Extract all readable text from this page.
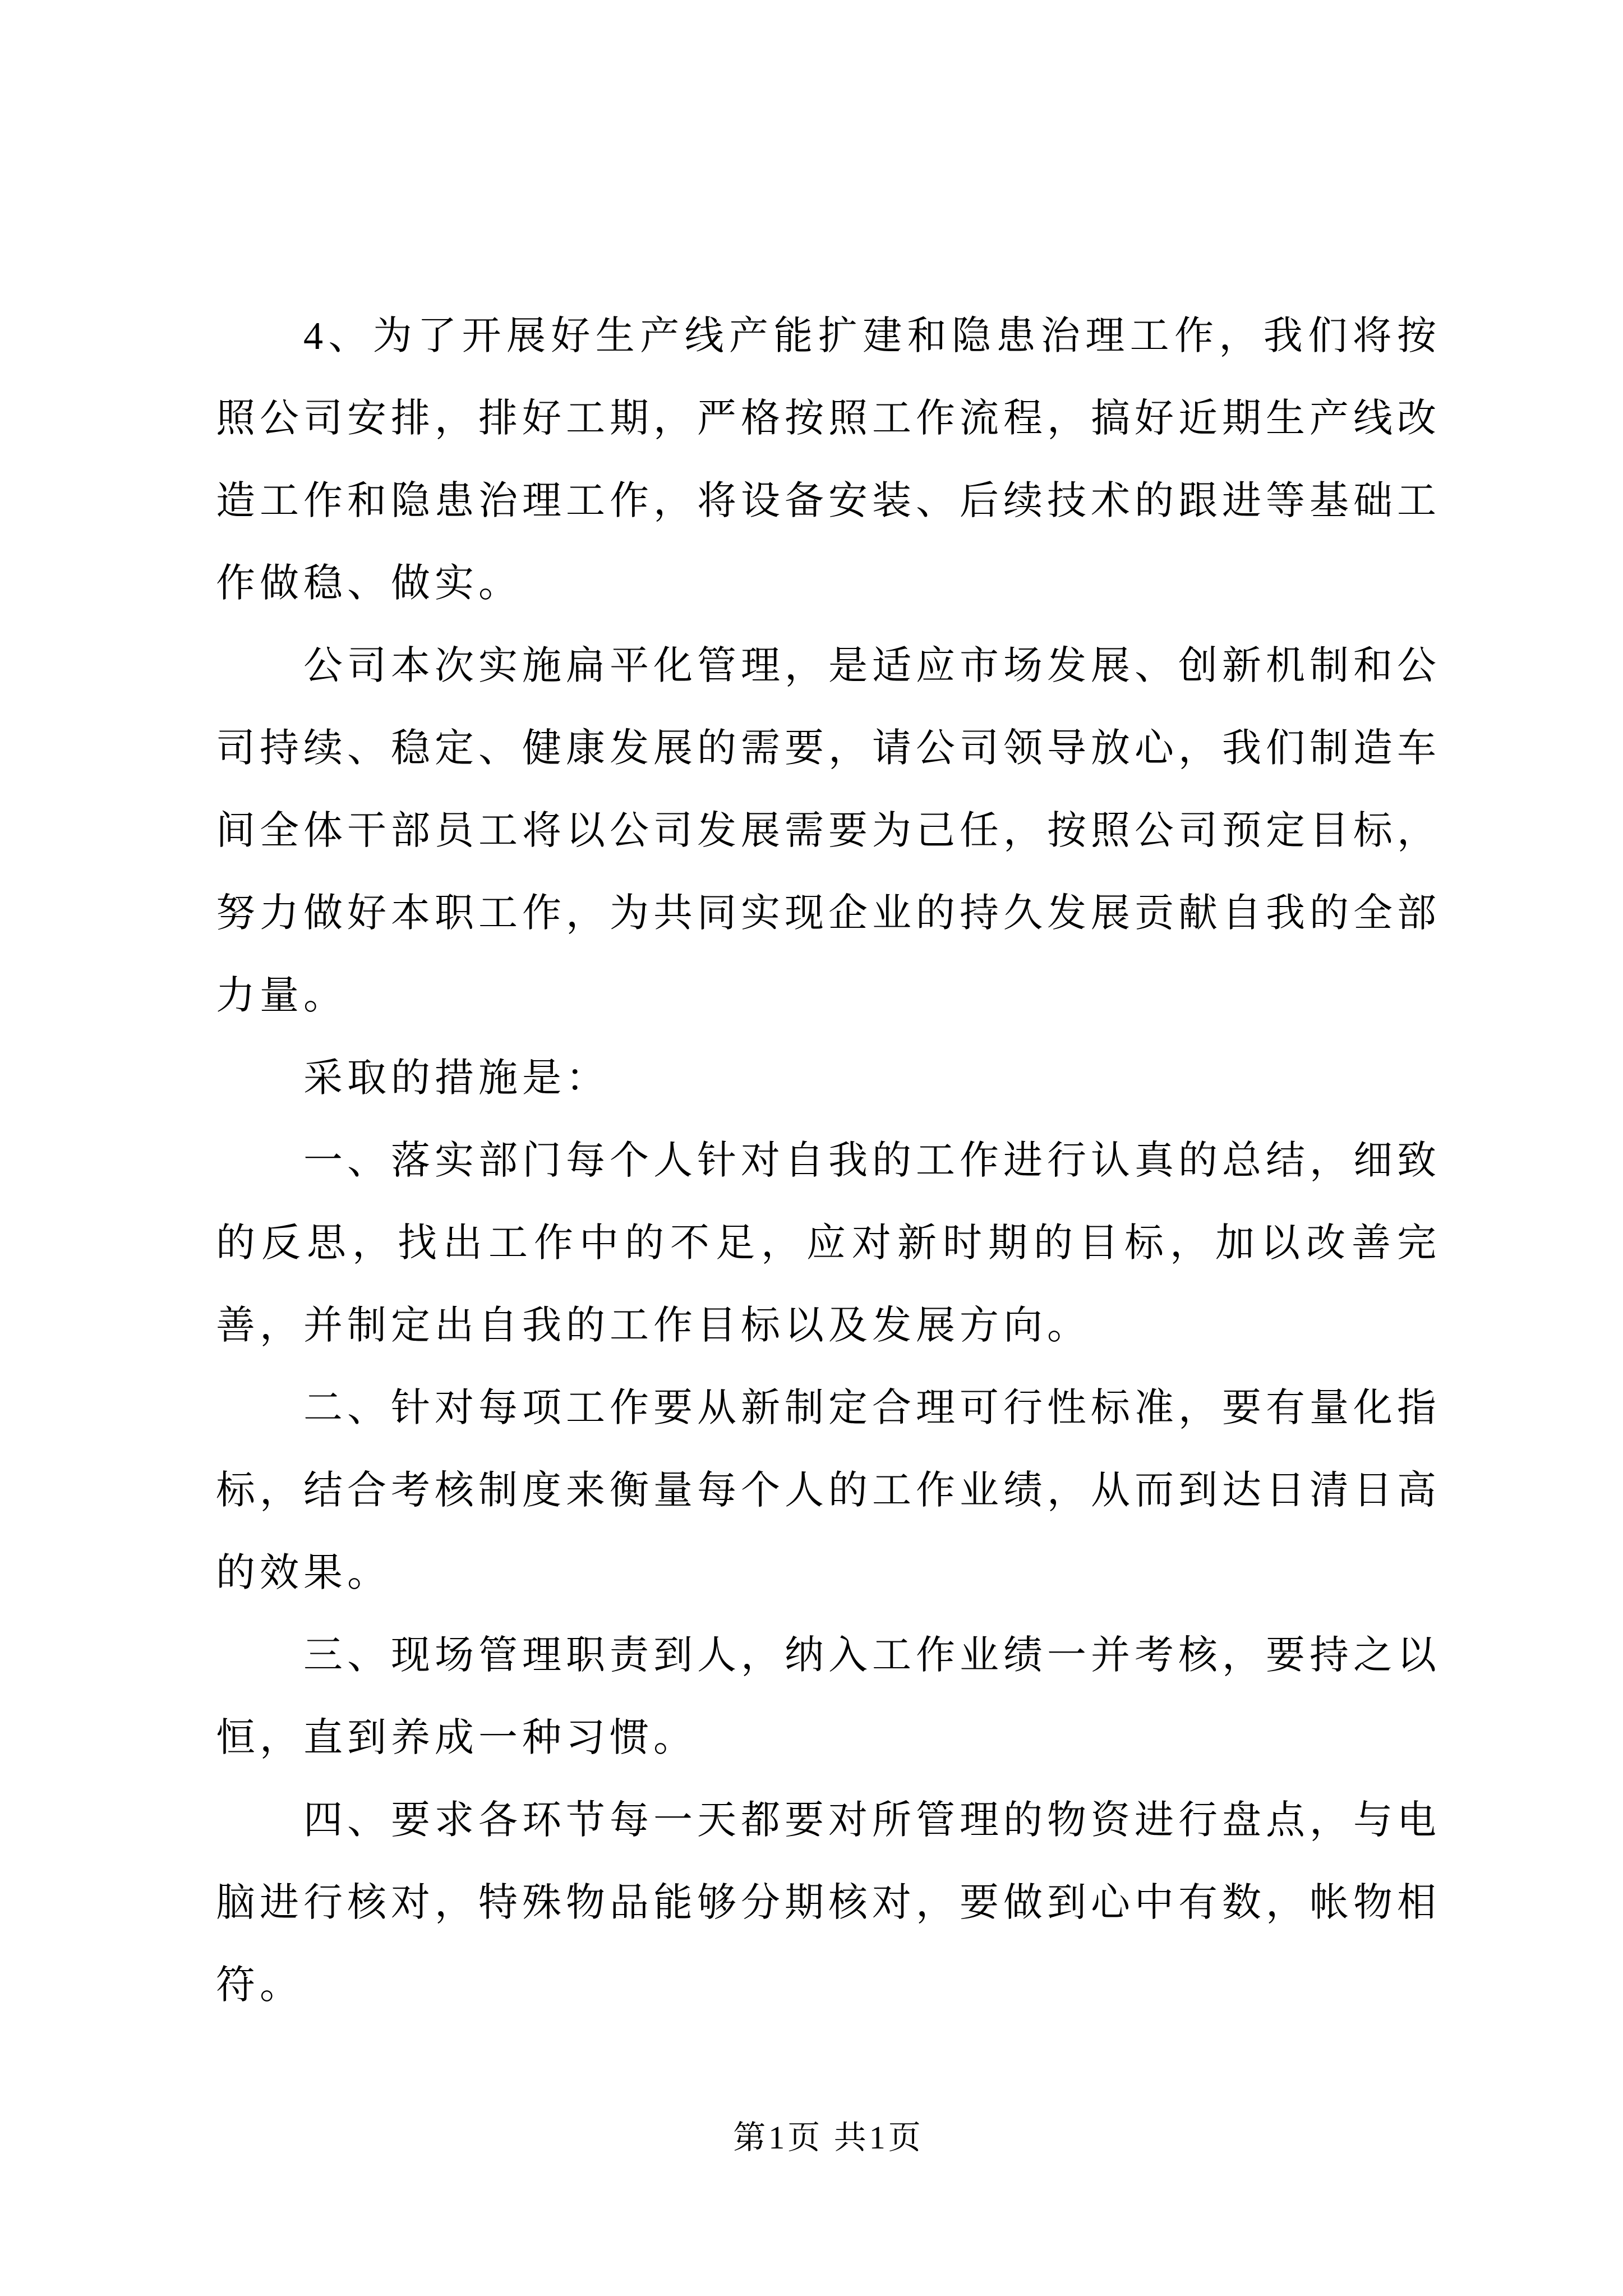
4、为了开展好生产线产能扩建和隐患治理工作，我们将按照公司安排，排好工期，严格按照工作流程，搞好近期生产线改造工作和隐患治理工作，将设备安装、后续技术的跟进等基础工作做稳、做实。

公司本次实施扁平化管理，是适应市场发展、创新机制和公司持续、稳定、健康发展的需要，请公司领导放心，我们制造车间全体干部员工将以公司发展需要为己任，按照公司预定目标，努力做好本职工作，为共同实现企业的持久发展贡献自我的全部力量。

采取的措施是：

一、落实部门每个人针对自我的工作进行认真的总结，细致的反思，找出工作中的不足，应对新时期的目标，加以改善完善，并制定出自我的工作目标以及发展方向。

二、针对每项工作要从新制定合理可行性标准，要有量化指标，结合考核制度来衡量每个人的工作业绩，从而到达日清日高的效果。

三、现场管理职责到人，纳入工作业绩一并考核，要持之以恒，直到养成一种习惯。

四、要求各环节每一天都要对所管理的物资进行盘点，与电脑进行核对，特殊物品能够分期核对，要做到心中有数，帐物相符。

第1页 共1页
